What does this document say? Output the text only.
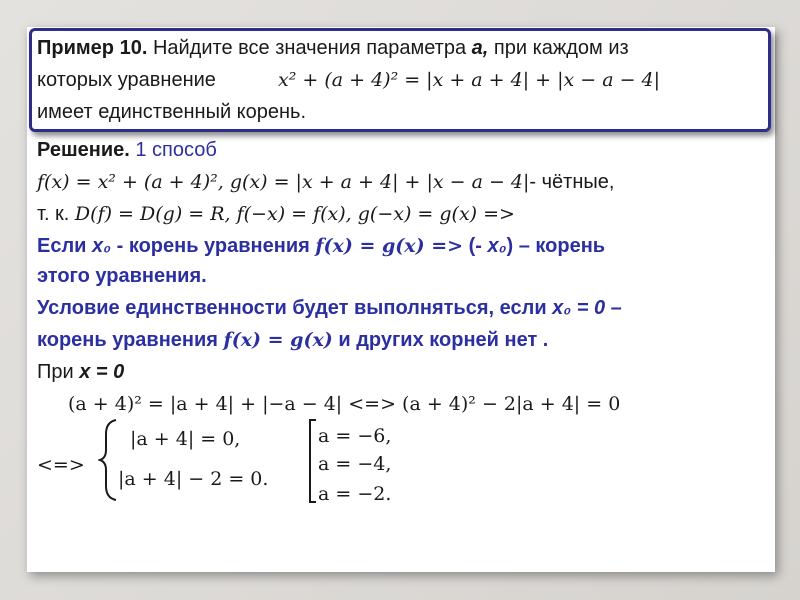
Пример 10. Найдите все значения параметра a, при каждом из
которых уравнение	x² + (a + 4)² = |x + a + 4| + |x − a − 4|
имеет единственный корень.
Решение. 1 способ
f(x) = x² + (a + 4)², g(x) = |x + a + 4| + |x − a − 4|- чётные,
т. к. D(f) = D(g) = R, f(−x) = f(x), g(−x) = g(x) =>
Если x₀ - корень уравнения f(x) = g(x) => (- x₀) – корень
этого уравнения.
Условие единственности будет выполняться, если x₀ = 0 –
корень уравнения f(x) = g(x) и других корней нет .
При x = 0
(a + 4)² = |a + 4| + |−a − 4| <=> (a + 4)² − 2|a + 4| = 0
<=>
|a + 4| = 0,
|a + 4| − 2 = 0.
a = −6,
a = −4,
a = −2.
